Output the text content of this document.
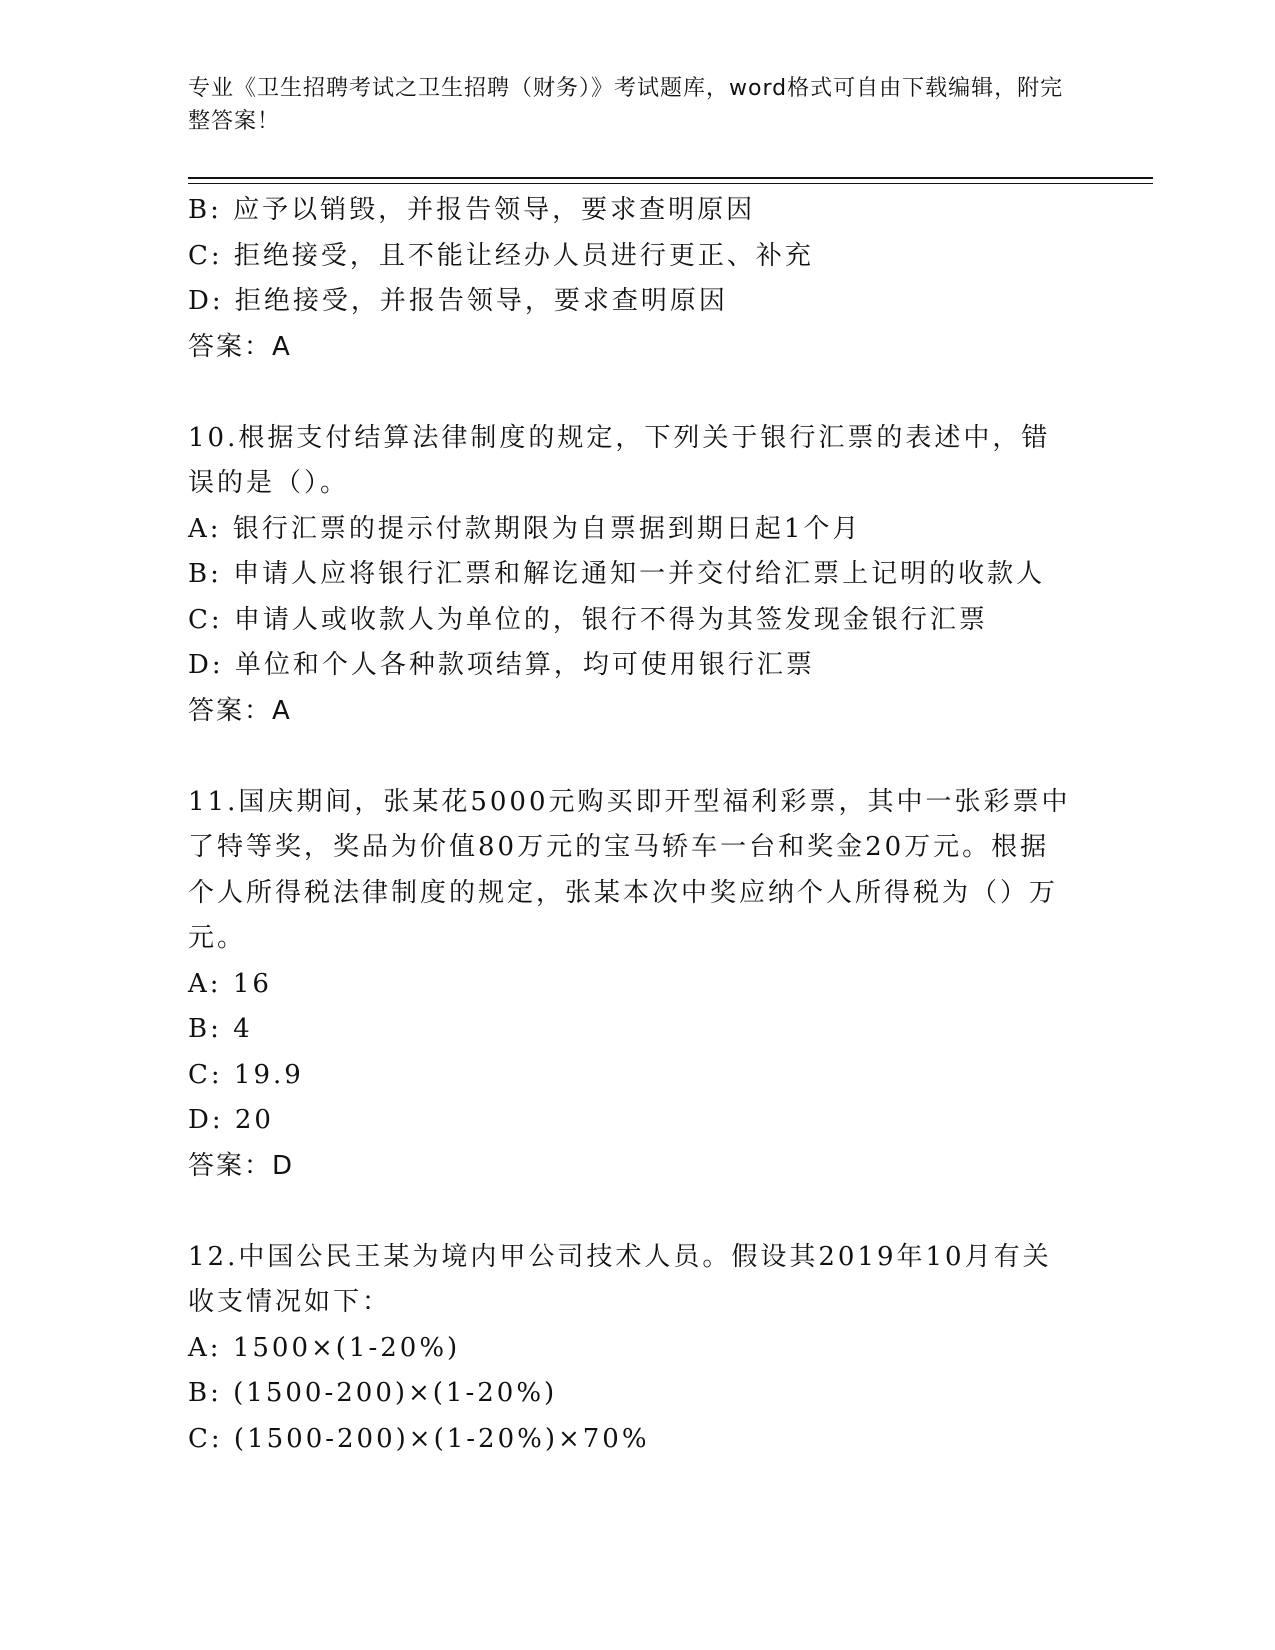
专业《卫生招聘考试之卫生招聘（财务）》考试题库，word格式可自由下载编辑，附完整答案！
B: 应予以销毁，并报告领导，要求查明原因
C: 拒绝接受，且不能让经办人员进行更正、补充
D: 拒绝接受，并报告领导，要求查明原因
答案：A
10.根据支付结算法律制度的规定，下列关于银行汇票的表述中，错误的是（）。
A: 银行汇票的提示付款期限为自票据到期日起1个月
B: 申请人应将银行汇票和解讫通知一并交付给汇票上记明的收款人
C: 申请人或收款人为单位的，银行不得为其签发现金银行汇票
D: 单位和个人各种款项结算，均可使用银行汇票
答案：A
11.国庆期间，张某花5000元购买即开型福利彩票，其中一张彩票中了特等奖，奖品为价值80万元的宝马轿车一台和奖金20万元。根据个人所得税法律制度的规定，张某本次中奖应纳个人所得税为（）万元。
A: 16
B: 4
C: 19.9
D: 20
答案：D
12.中国公民王某为境内甲公司技术人员。假设其2019年10月有关收支情况如下：
A: 1500×(1-20%)
B: (1500-200)×(1-20%)
C: (1500-200)×(1-20%)×70%
